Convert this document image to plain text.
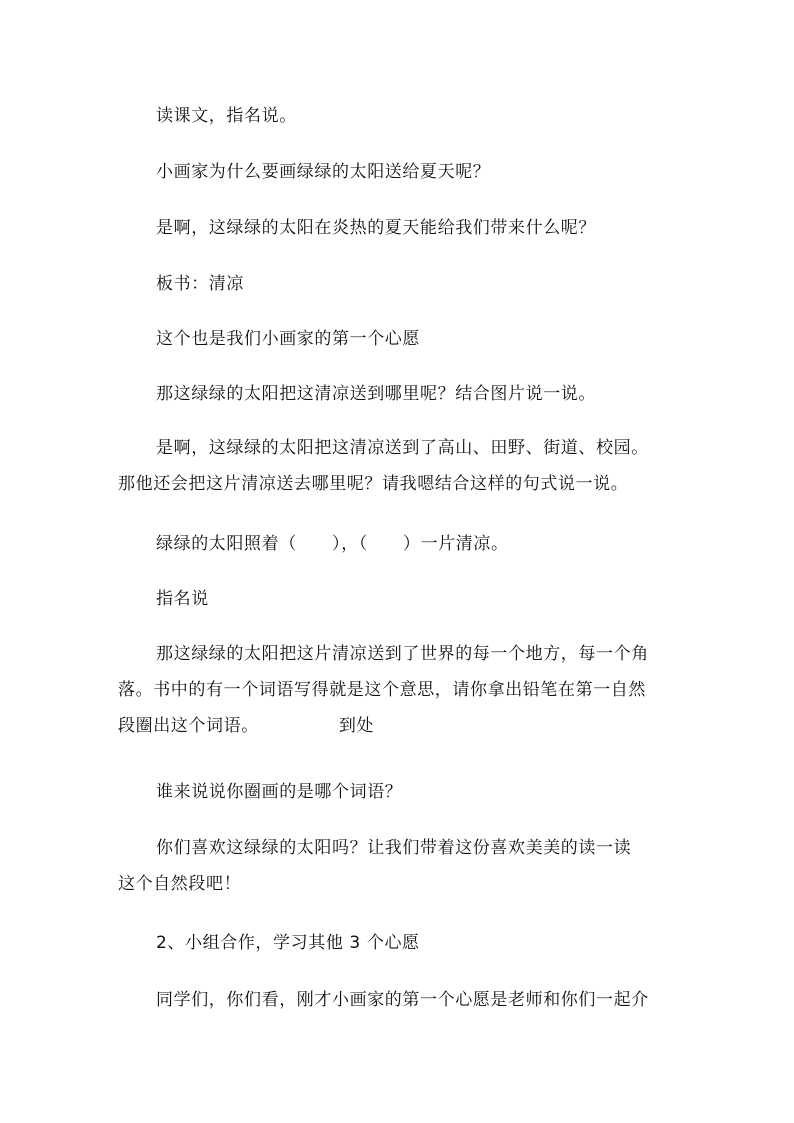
读课文，指名说。
小画家为什么要画绿绿的太阳送给夏天呢？
是啊，这绿绿的太阳在炎热的夏天能给我们带来什么呢？
板书：清凉
这个也是我们小画家的第一个心愿
那这绿绿的太阳把这清凉送到哪里呢？结合图片说一说。
是啊，这绿绿的太阳把这清凉送到了高山、田野、街道、校园。
那他还会把这片清凉送去哪里呢？请我嗯结合这样的句式说一说。
绿绿的太阳照着（　　），（　　）一片清凉。
指名说
那这绿绿的太阳把这片清凉送到了世界的每一个地方，每一个角
落。书中的有一个词语写得就是这个意思，请你拿出铅笔在第一自然
段圈出这个词语。	到处
谁来说说你圈画的是哪个词语？
你们喜欢这绿绿的太阳吗？让我们带着这份喜欢美美的读一读
这个自然段吧！
2、小组合作，学习其他 3 个心愿
同学们，你们看，刚才小画家的第一个心愿是老师和你们一起介
